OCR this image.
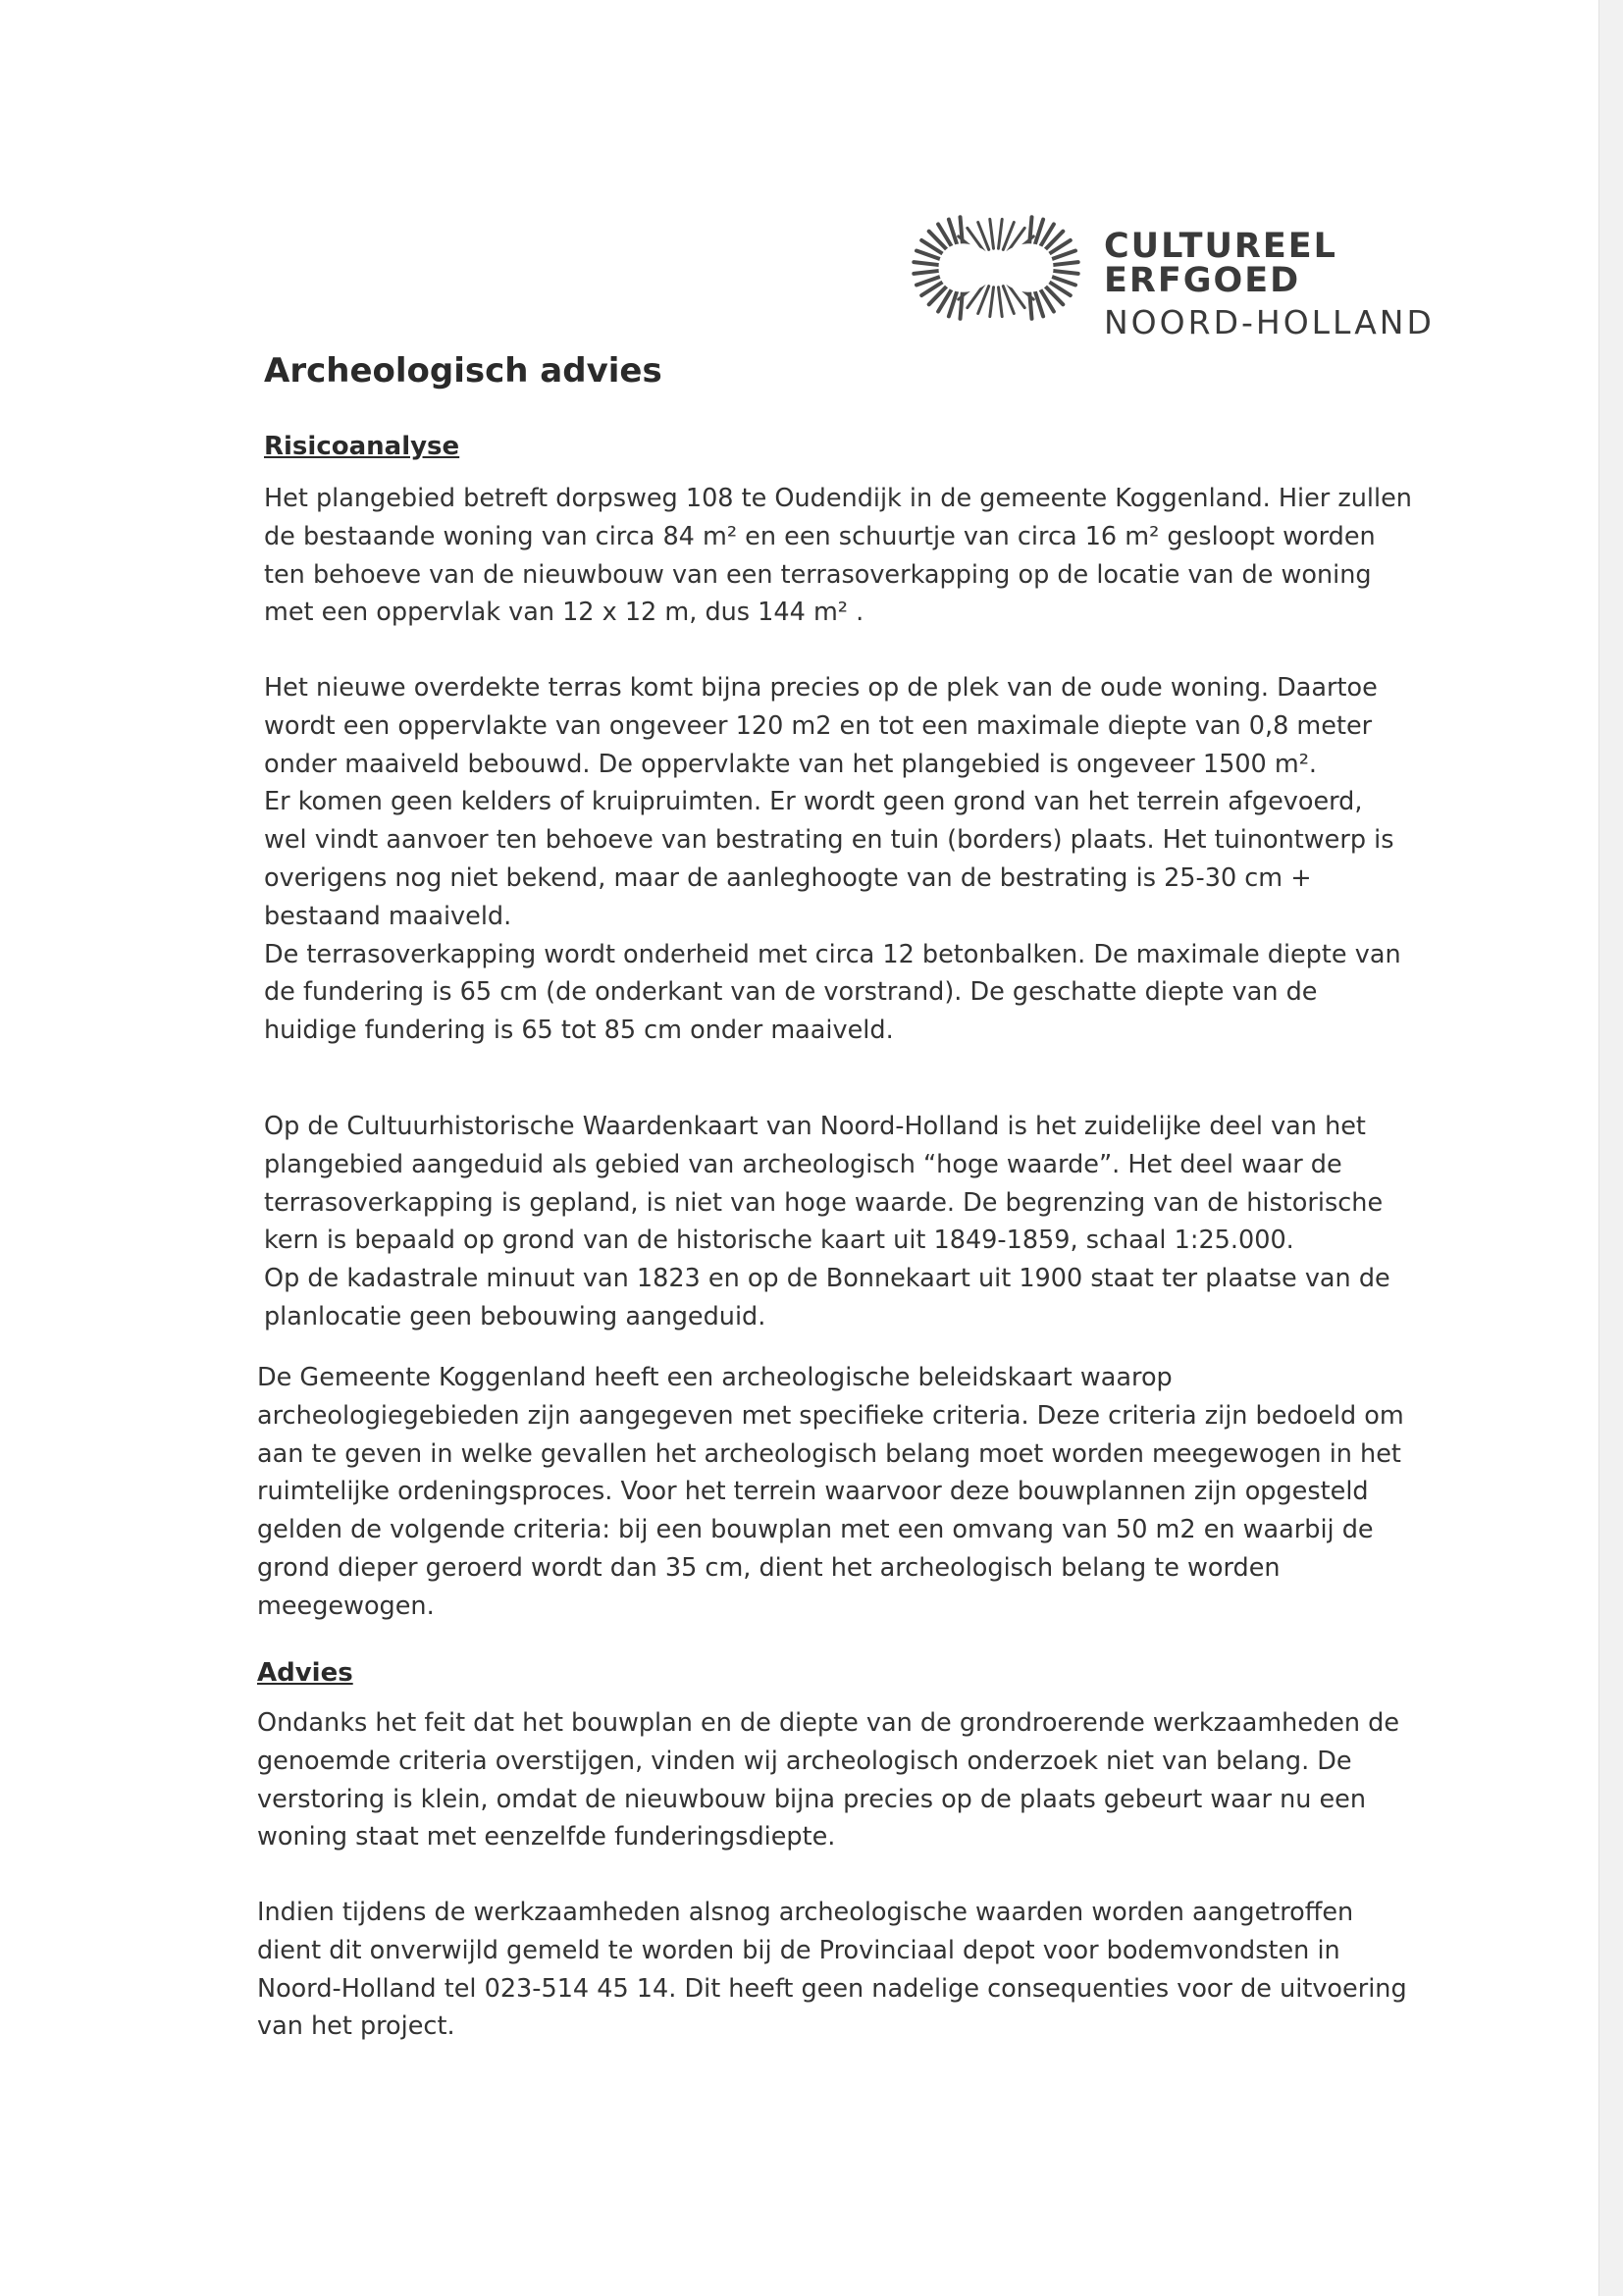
CULTUREEL ERFGOED
NOORD-HOLLAND
Archeologisch advies
Risicoanalyse

Het plangebied betreft dorpsweg 108 te Oudendijk in de gemeente Koggenland. Hier zullen
de bestaande woning van circa 84 m² en een schuurtje van circa 16 m² gesloopt worden
ten behoeve van de nieuwbouw van een terrasoverkapping op de locatie van de woning
met een oppervlak van 12 x 12 m, dus 144 m² .

Het nieuwe overdekte terras komt bijna precies op de plek van de oude woning. Daartoe
wordt een oppervlakte van ongeveer 120 m2 en tot een maximale diepte van 0,8 meter
onder maaiveld bebouwd. De oppervlakte van het plangebied is ongeveer 1500 m².
Er komen geen kelders of kruipruimten. Er wordt geen grond van het terrein afgevoerd,
wel vindt aanvoer ten behoeve van bestrating en tuin (borders) plaats. Het tuinontwerp is
overigens nog niet bekend, maar de aanleghoogte van de bestrating is 25-30 cm +
bestaand maaiveld.
De terrasoverkapping wordt onderheid met circa 12 betonbalken. De maximale diepte van
de fundering is 65 cm (de onderkant van de vorstrand). De geschatte diepte van de
huidige fundering is 65 tot 85 cm onder maaiveld.

Op de Cultuurhistorische Waardenkaart van Noord-Holland is het zuidelijke deel van het
plangebied aangeduid als gebied van archeologisch “hoge waarde”. Het deel waar de
terrasoverkapping is gepland, is niet van hoge waarde. De begrenzing van de historische
kern is bepaald op grond van de historische kaart uit 1849-1859, schaal 1:25.000.
Op de kadastrale minuut van 1823 en op de Bonnekaart uit 1900 staat ter plaatse van de
planlocatie geen bebouwing aangeduid.

De Gemeente Koggenland heeft een archeologische beleidskaart waarop
archeologiegebieden zijn aangegeven met specifieke criteria. Deze criteria zijn bedoeld om
aan te geven in welke gevallen het archeologisch belang moet worden meegewogen in het
ruimtelijke ordeningsproces. Voor het terrein waarvoor deze bouwplannen zijn opgesteld
gelden de volgende criteria: bij een bouwplan met een omvang van 50 m2 en waarbij de
grond dieper geroerd wordt dan 35 cm, dient het archeologisch belang te worden
meegewogen.

Advies

Ondanks het feit dat het bouwplan en de diepte van de grondroerende werkzaamheden de
genoemde criteria overstijgen, vinden wij archeologisch onderzoek niet van belang. De
verstoring is klein, omdat de nieuwbouw bijna precies op de plaats gebeurt waar nu een
woning staat met eenzelfde funderingsdiepte.

Indien tijdens de werkzaamheden alsnog archeologische waarden worden aangetroffen
dient dit onverwijld gemeld te worden bij de Provinciaal depot voor bodemvondsten in
Noord-Holland tel 023-514 45 14. Dit heeft geen nadelige consequenties voor de uitvoering
van het project.
